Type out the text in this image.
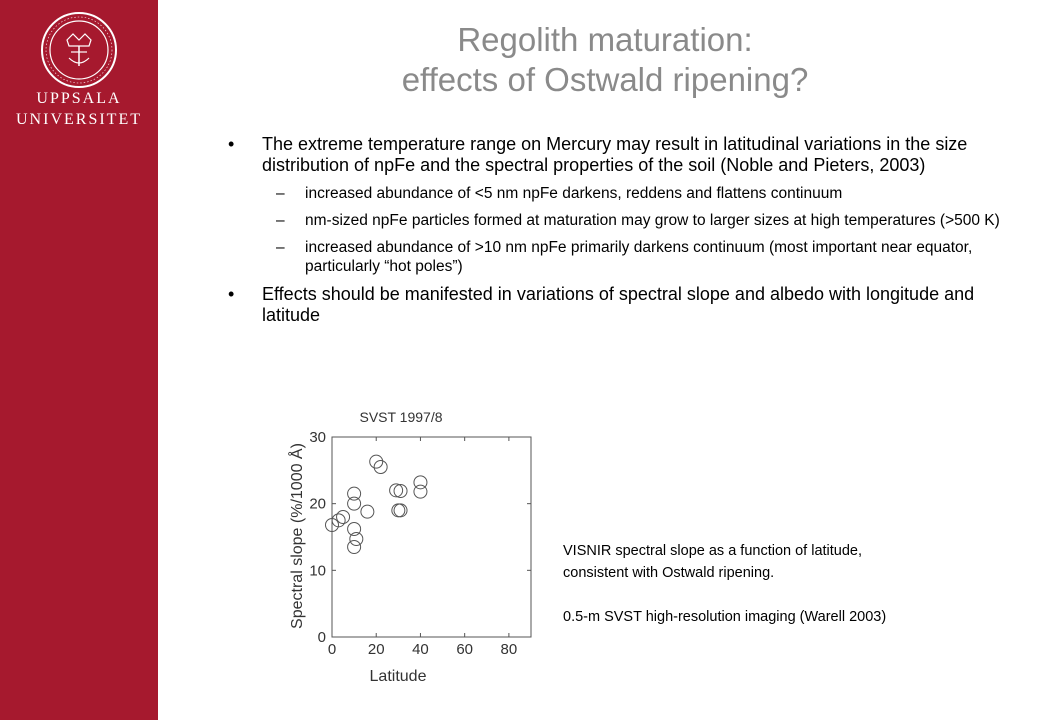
UPPSALA
UNIVERSITET
Regolith maturation:
effects of Ostwald ripening?
• The extreme temperature range on Mercury may result in latitudinal variations in the size distribution of npFe and the spectral properties of the soil (Noble and Pieters, 2003)
– increased abundance of <5 nm npFe darkens, reddens and flattens continuum
– nm-sized npFe particles formed at maturation may grow to larger sizes at high temperatures (>500 K)
– increased abundance of >10 nm npFe primarily darkens continuum (most important near equator, particularly “hot poles”)
• Effects should be manifested in variations of spectral slope and albedo with longitude and latitude
SVST 1997/8
Latitude
Spectral slope (%/1000 Å)
0 20 40 60 80
0
10
20
30
VISNIR spectral slope as a function of latitude,
consistent with Ostwald ripening.
0.5-m SVST high-resolution imaging (Warell 2003)
